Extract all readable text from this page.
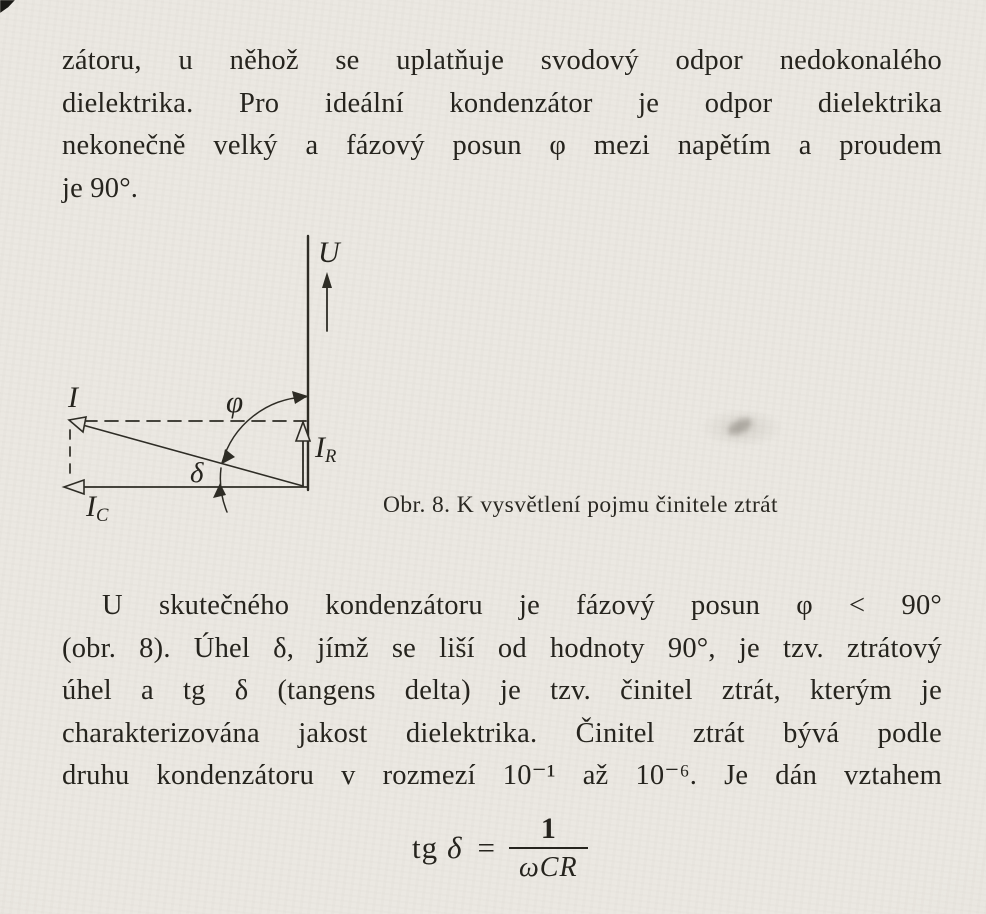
zátoru, u něhož se uplatňuje svodový odpor nedokonalého
dielektrika. Pro ideální kondenzátor je odpor dielektrika
nekonečně velký a fázový posun φ mezi napětím a proudem
je 90°.
U
I
$I_C$
$I_R$
φ
δ
Obr. 8. K vysvětlení pojmu činitele ztrát
U skutečného kondenzátoru je fázový posun φ < 90°
(obr. 8). Úhel δ, jímž se liší od hodnoty 90°, je tzv. ztrátový
úhel a tg δ (tangens delta) je tzv. činitel ztrát, kterým je
charakterizována jakost dielektrika. Činitel ztrát bývá podle
druhu kondenzátoru v rozmezí 10⁻¹ až 10⁻⁶. Je dán vztahem
tg $\delta = \frac{1}{\text{ωCR}}$
